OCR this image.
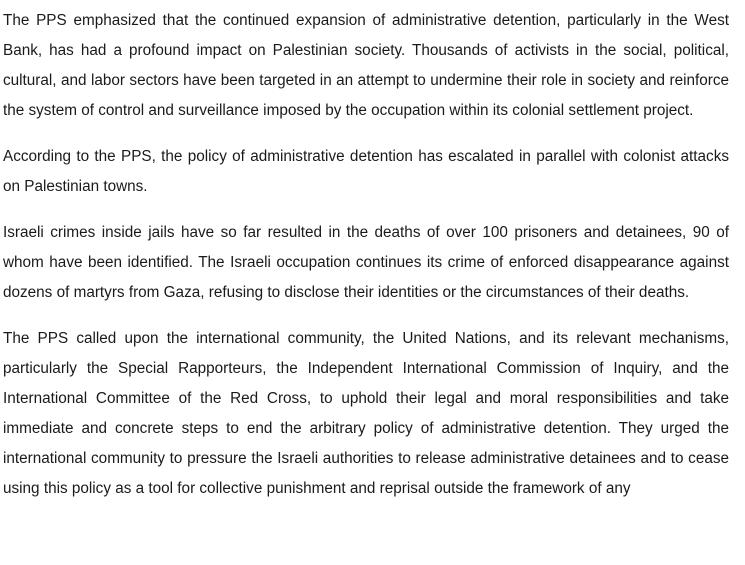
The PPS emphasized that the continued expansion of administrative detention, particularly in the West Bank, has had a profound impact on Palestinian society. Thousands of activists in the social, political, cultural, and labor sectors have been targeted in an attempt to undermine their role in society and reinforce the system of control and surveillance imposed by the occupation within its colonial settlement project.

According to the PPS, the policy of administrative detention has escalated in parallel with colonist attacks on Palestinian towns.

Israeli crimes inside jails have so far resulted in the deaths of over 100 prisoners and detainees, 90 of whom have been identified. The Israeli occupation continues its crime of enforced disappearance against dozens of martyrs from Gaza, refusing to disclose their identities or the circumstances of their deaths.

The PPS called upon the international community, the United Nations, and its relevant mechanisms, particularly the Special Rapporteurs, the Independent International Commission of Inquiry, and the International Committee of the Red Cross, to uphold their legal and moral responsibilities and take immediate and concrete steps to end the arbitrary policy of administrative detention. They urged the international community to pressure the Israeli authorities to release administrative detainees and to cease using this policy as a tool for collective punishment and reprisal outside the framework of any
